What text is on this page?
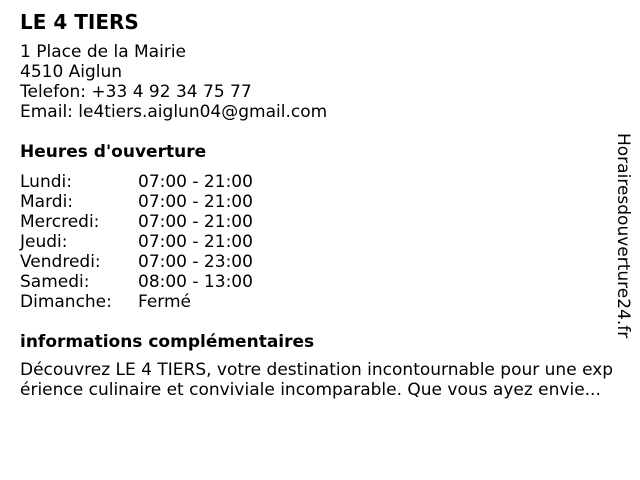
LE 4 TIERS
1 Place de la Mairie
4510 Aiglun
Telefon: +33 4 92 34 75 77
Email: le4tiers.aiglun04@gmail.com
Heures d'ouverture
Lundi:	07:00 - 21:00
Mardi:	07:00 - 21:00
Mercredi:	07:00 - 21:00
Jeudi:	07:00 - 21:00
Vendredi:	07:00 - 23:00
Samedi:	08:00 - 13:00
Dimanche:	Fermé
informations complémentaires
Découvrez LE 4 TIERS, votre destination incontournable pour une expérience culinaire et conviviale incomparable. Que vous ayez envie...
Horairesdouverture24.fr
